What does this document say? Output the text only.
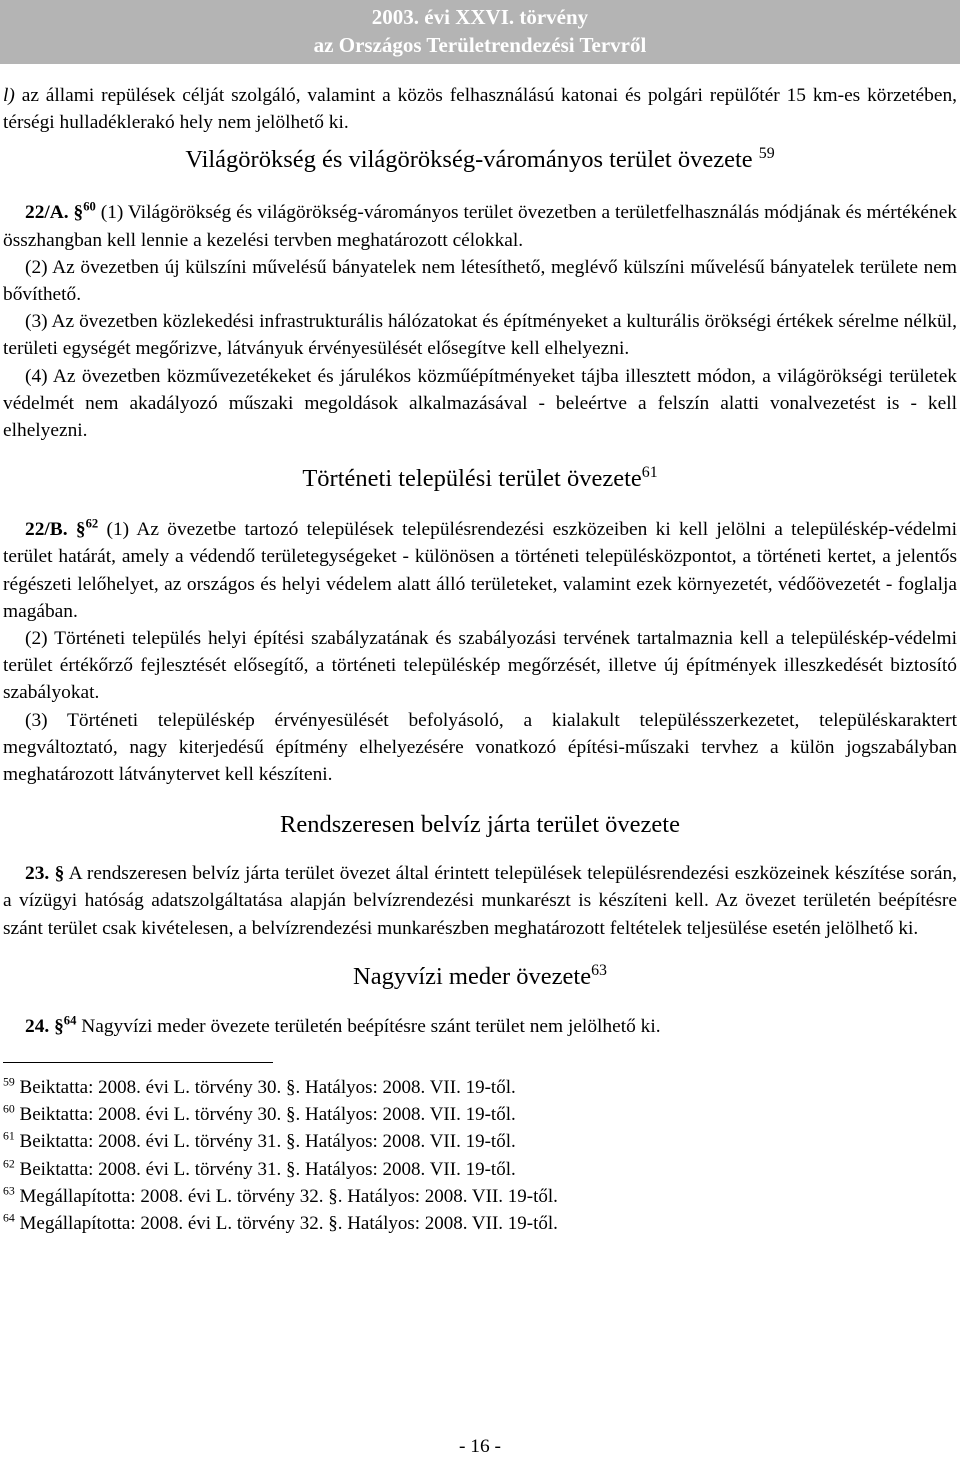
2003. évi XXVI. törvény
az Országos Területrendezési Tervről

l) az állami repülések célját szolgáló, valamint a közös felhasználású katonai és polgári repülőtér 15 km-es körzetében, térségi hulladéklerakó hely nem jelölhető ki.

Világörökség és világörökség-várományos terület övezete $^{59}$

22/A. §$^{60}$ (1) Világörökség és világörökség-várományos terület övezetben a területfelhasználás módjának és mértékének összhangban kell lennie a kezelési tervben meghatározott célokkal.

(2) Az övezetben új külszíni művelésű bányatelek nem létesíthető, meglévő külszíni művelésű bányatelek területe nem bővíthető.

(3) Az övezetben közlekedési infrastrukturális hálózatokat és építményeket a kulturális örökségi értékek sérelme nélkül, területi egységét megőrizve, látványuk érvényesülését elősegítve kell elhelyezni.

(4) Az övezetben közművezetékeket és járulékos közműépítményeket tájba illesztett módon, a világörökségi területek védelmét nem akadályozó műszaki megoldások alkalmazásával - beleértve a felszín alatti vonalvezetést is - kell elhelyezni.

Történeti települési terület övezete$^{61}$

22/B. §$^{62}$ (1) Az övezetbe tartozó települések településrendezési eszközeiben ki kell jelölni a településkép-védelmi terület határát, amely a védendő területegységeket - különösen a történeti településközpontot, a történeti kertet, a jelentős régészeti lelőhelyet, az országos és helyi védelem alatt álló területeket, valamint ezek környezetét, védőövezetét - foglalja magában.

(2) Történeti település helyi építési szabályzatának és szabályozási tervének tartalmaznia kell a településkép-védelmi terület értékőrző fejlesztését elősegítő, a történeti településkép megőrzését, illetve új építmények illeszkedését biztosító szabályokat.

(3) Történeti településkép érvényesülését befolyásoló, a kialakult településszerkezetet, településkaraktert megváltoztató, nagy kiterjedésű építmény elhelyezésére vonatkozó építési-műszaki tervhez a külön jogszabályban meghatározott látványtervet kell készíteni.

Rendszeresen belvíz járta terület övezete

23. § A rendszeresen belvíz járta terület övezet által érintett települések településrendezési eszközeinek készítése során, a vízügyi hatóság adatszolgáltatása alapján belvízrendezési munkarészt is készíteni kell. Az övezet területén beépítésre szánt terület csak kivételesen, a belvízrendezési munkarészben meghatározott feltételek teljesülése esetén jelölhető ki.

Nagyvízi meder övezete$^{63}$

24. §$^{64}$ Nagyvízi meder övezete területén beépítésre szánt terület nem jelölhető ki.

$^{59}$ Beiktatta: 2008. évi L. törvény 30. §. Hatályos: 2008. VII. 19-től.
$^{60}$ Beiktatta: 2008. évi L. törvény 30. §. Hatályos: 2008. VII. 19-től.
$^{61}$ Beiktatta: 2008. évi L. törvény 31. §. Hatályos: 2008. VII. 19-től.
$^{62}$ Beiktatta: 2008. évi L. törvény 31. §. Hatályos: 2008. VII. 19-től.
$^{63}$ Megállapította: 2008. évi L. törvény 32. §. Hatályos: 2008. VII. 19-től.
$^{64}$ Megállapította: 2008. évi L. törvény 32. §. Hatályos: 2008. VII. 19-től.
- 16 -
